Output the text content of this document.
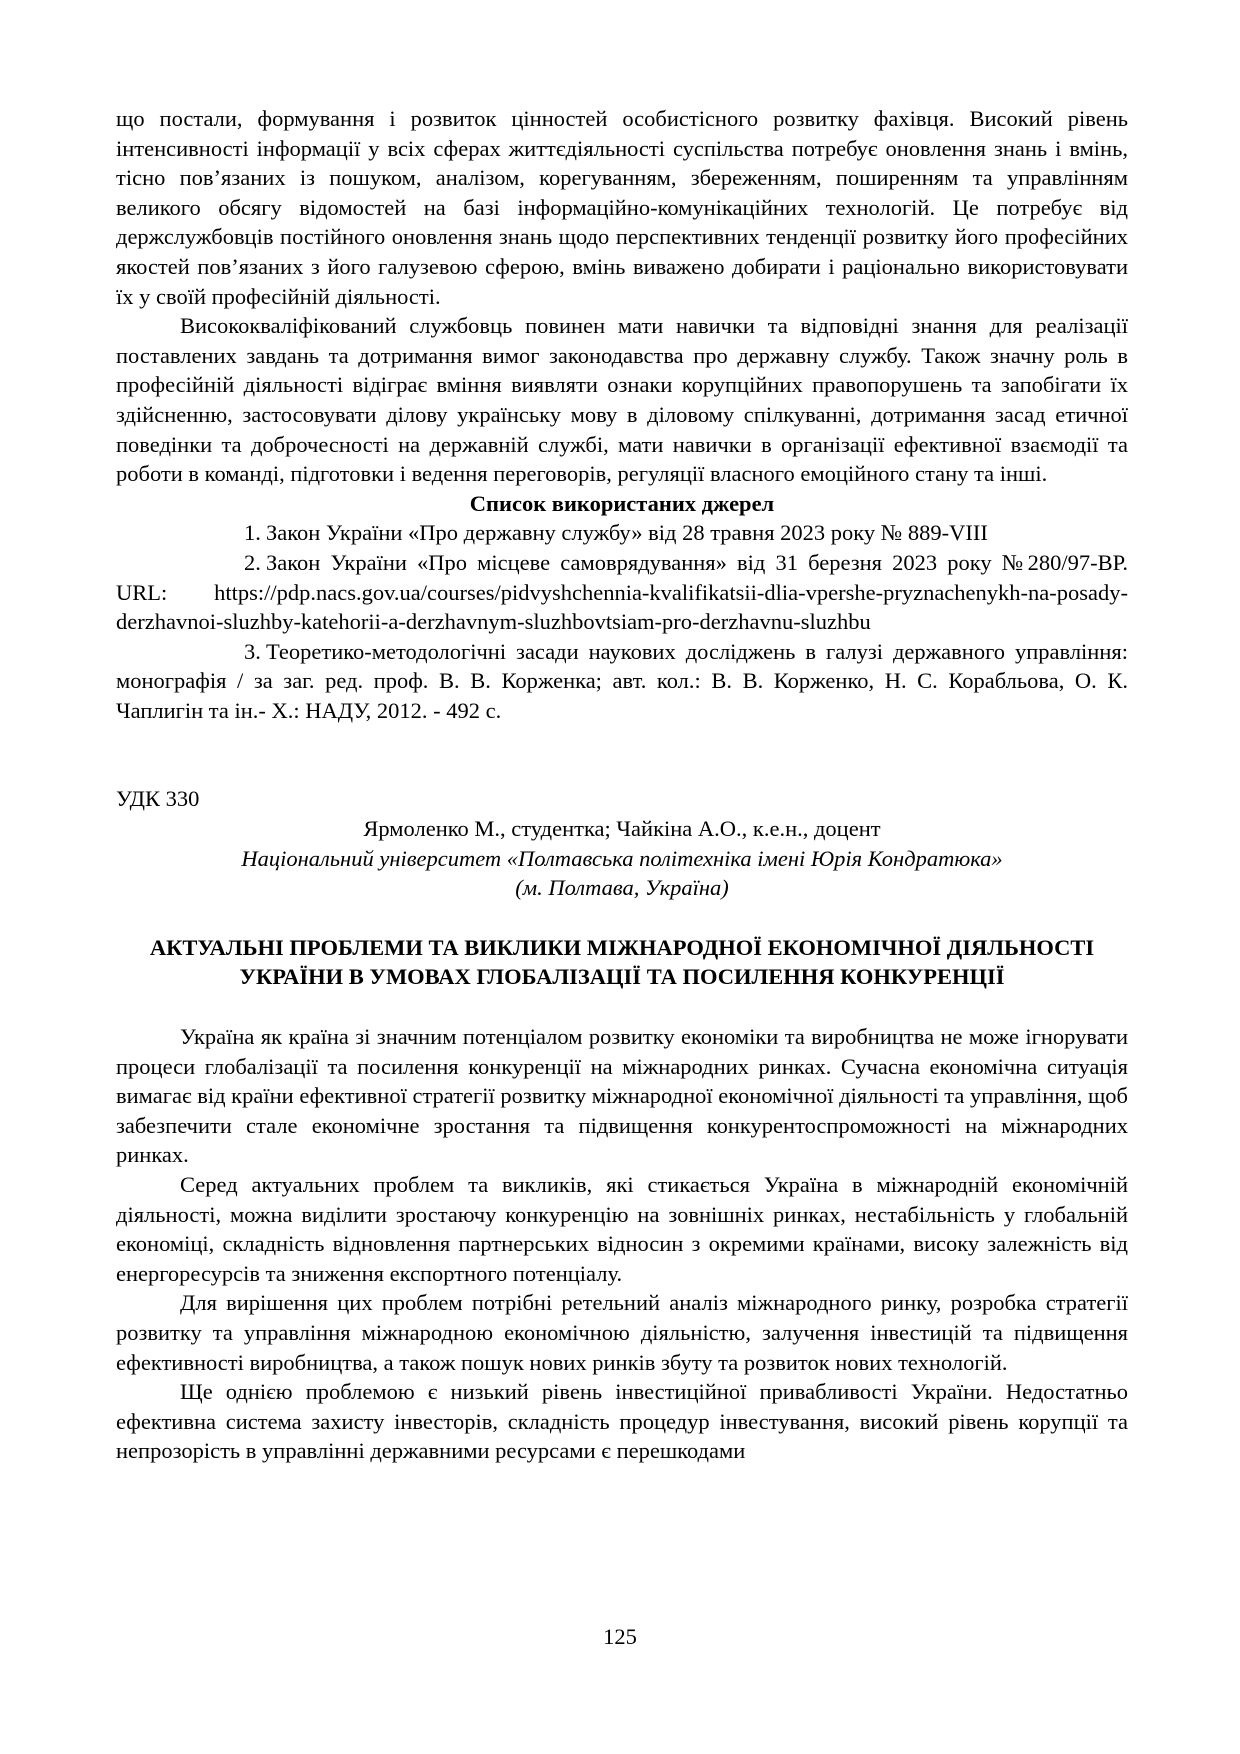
що постали, формування і розвиток цінностей особистісного розвитку фахівця. Високий рівень інтенсивності інформації у всіх сферах життєдіяльності суспільства потребує оновлення знань і вмінь, тісно пов’язаних із пошуком, аналізом, корегуванням, збереженням, поширенням та управлінням великого обсягу відомостей на базі інформаційно-комунікаційних технологій. Це потребує від держслужбовців постійного оновлення знань щодо перспективних тенденції розвитку його професійних якостей пов’язаних з його галузевою сферою, вмінь виважено добирати і раціонально використовувати їх у своїй професійній діяльності.

Висококваліфікований службовць повинен мати навички та відповідні знання для реалізації поставлених завдань та дотримання вимог законодавства про державну службу. Також значну роль в професійній діяльності відіграє вміння виявляти ознаки корупційних правопорушень та запобігати їх здійсненню, застосовувати ділову українську мову в діловому спілкуванні, дотримання засад етичної поведінки та доброчесності на державній службі, мати навички в організації ефективної взаємодії та роботи в команді, підготовки і ведення переговорів, регуляції власного емоційного стану та інші.

Список використаних джерел

1. Закон України «Про державну службу» від 28 травня 2023 року № 889-VIII

2. Закон України «Про місцеве самоврядування» від 31 березня 2023 року №280/97-ВР. URL: https://pdp.nacs.gov.ua/courses/pidvyshchennia-kvalifikatsii-dlia-vpershe-pryznachenykh-na-posady-derzhavnoi-sluzhby-katehorii-a-derzhavnym-sluzhbovtsiam-pro-derzhavnu-sluzhbu

3. Теоретико-методологічні засади наукових досліджень в галузі державного управління: монографія / за заг. ред. проф. В. В. Корженка; авт. кол.: В. В. Корженко, Н. С. Корабльова, О. К. Чаплигін та ін.- Х.: НАДУ, 2012. - 492 с.

УДК 330

Ярмоленко М., студентка; Чайкіна А.О., к.е.н., доцент

Національний університет «Полтавська політехніка імені Юрія Кондратюка»

(м. Полтава, Україна)

АКТУАЛЬНІ ПРОБЛЕМИ ТА ВИКЛИКИ МІЖНАРОДНОЇ ЕКОНОМІЧНОЇ ДІЯЛЬНОСТІ УКРАЇНИ В УМОВАХ ГЛОБАЛІЗАЦІЇ ТА ПОСИЛЕННЯ КОНКУРЕНЦІЇ

Україна як країна зі значним потенціалом розвитку економіки та виробництва не може ігнорувати процеси глобалізації та посилення конкуренції на міжнародних ринках. Сучасна економічна ситуація вимагає від країни ефективної стратегії розвитку міжнародної економічної діяльності та управління, щоб забезпечити стале економічне зростання та підвищення конкурентоспроможності на міжнародних ринках.

Серед актуальних проблем та викликів, які стикається Україна в міжнародній економічній діяльності, можна виділити зростаючу конкуренцію на зовнішніх ринках, нестабільність у глобальній економіці, складність відновлення партнерських відносин з окремими країнами, високу залежність від енергоресурсів та зниження експортного потенціалу.

Для вирішення цих проблем потрібні ретельний аналіз міжнародного ринку, розробка стратегії розвитку та управління міжнародною економічною діяльністю, залучення інвестицій та підвищення ефективності виробництва, а також пошук нових ринків збуту та розвиток нових технологій.

Ще однією проблемою є низький рівень інвестиційної привабливості України. Недостатньо ефективна система захисту інвесторів, складність процедур інвестування, високий рівень корупції та непрозорість в управлінні державними ресурсами є перешкодами

125
